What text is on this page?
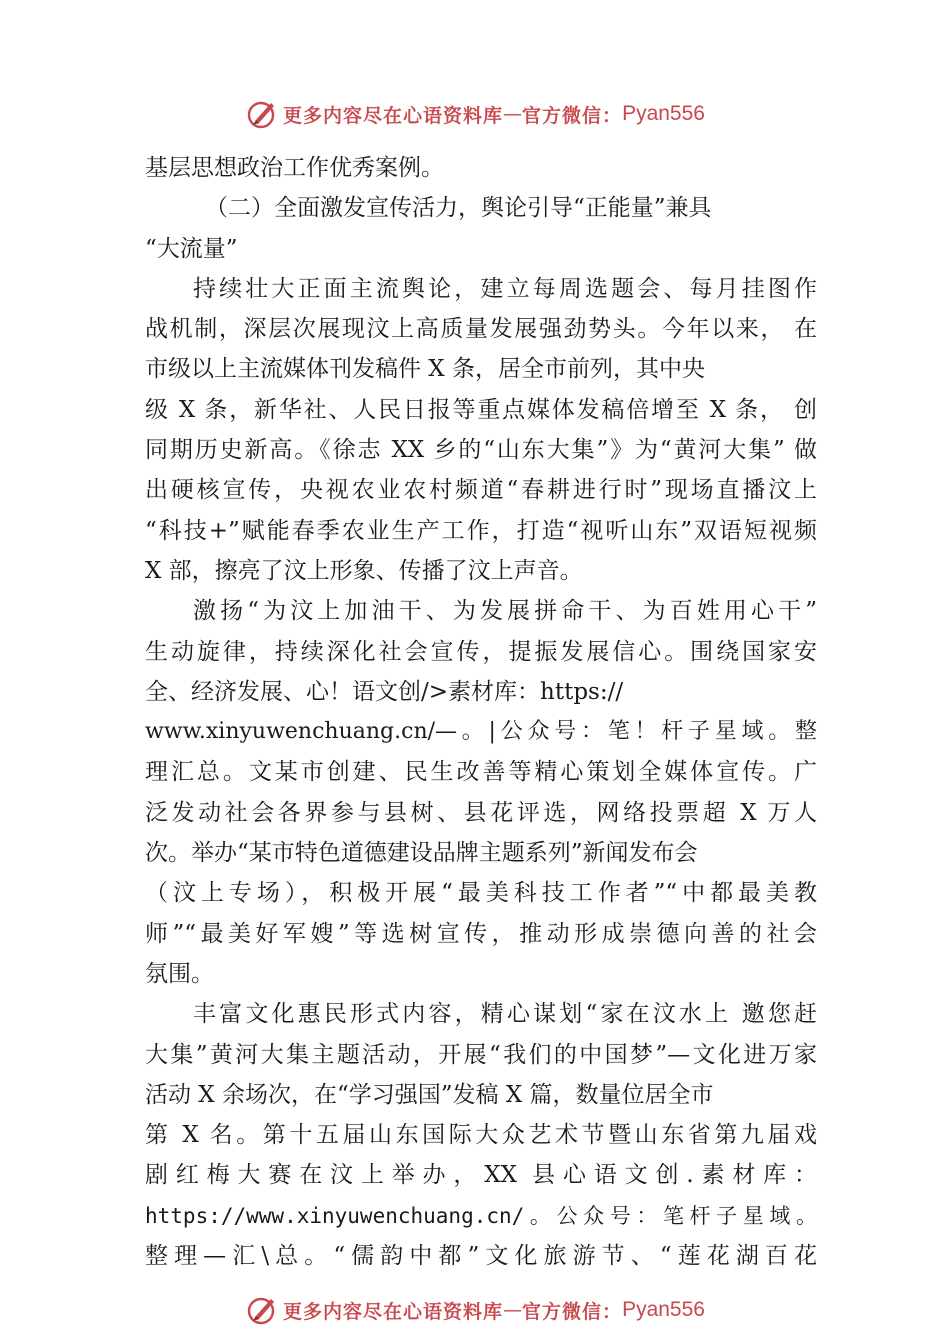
更多内容尽在心语资料库 — 官方微信： Pyan556
基层思想政治工作优秀案例。
（二）全面激发宣传活力，舆论引导“正能量”兼具
“大流量”
持续壮大正面主流舆论，建立每周选题会、每月挂图作
战机制，深层次展现汶上高质量发展强劲势头。今年以来， 在
市级以上主流媒体刊发稿件 X 条，居全市前列，其中央
级 X 条，新华社、人民日报等重点媒体发稿倍增至 X 条， 创
同期历史新高。《徐志 XX 乡的“山东大集”》为“黄河大集” 做
出硬核宣传，央视农业农村频道“春耕进行时”现场直播汶上
“科技+”赋能春季农业生产工作，打造“视听山东”双语短视频
X 部，擦亮了汶上形象、传播了汶上声音。
激扬“为汶上加油干、为发展拼命干、为百姓用心干”
生动旋律，持续深化社会宣传，提振发展信心。围绕国家安
全、经济发展、心！语文创/>素材库：https://
www.xinyuwenchuang.cn/—。|公众号：笔！杆子星域。整
理汇总。文某市创建、民生改善等精心策划全媒体宣传。广
泛发动社会各界参与县树、县花评选，网络投票超 X 万人
次。举办“某市特色道德建设品牌主题系列”新闻发布会
（汶上专场），积极开展“最美科技工作者”“中都最美教
师”“最美好军嫂”等选树宣传，推动形成崇德向善的社会
氛围。
丰富文化惠民形式内容，精心谋划“家在汶水上 邀您赶
大集”黄河大集主题活动，开展“我们的中国梦”—文化进万家
活动 X 余场次，在“学习强国”发稿 X 篇，数量位居全市
第 X 名。第十五届山东国际大众艺术节暨山东省第九届戏
剧红梅大赛在汶上举办，XX 县心语文创.素材库：
https://www.xinyuwenchuang.cn/。公众号：笔杆子星域。
整理—汇\总。“儒韵中都”文化旅游节、“莲花湖百花
更多内容尽在心语资料库 — 官方微信： Pyan556
